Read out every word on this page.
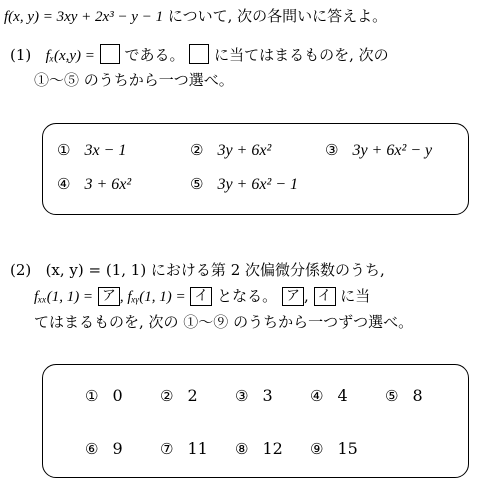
f(x, y) = 3xy + 2x³ − y − 1 について, 次の各問いに答えよ。
(1) fₓ(x,y) = である。 に当てはまるものを, 次の
①〜⑤ のうちから一つ選べ。
① 3x − 1	② 3y + 6x²	③ 3y + 6x² − y
④ 3 + 6x²	⑤ 3y + 6x² − 1
(2) (x, y) = (1, 1) における第 2 次偏微分係数のうち,
fₓₓ(1, 1) = ア , fₓᵧ(1, 1) = イ となる。 ア , イ に当
てはまるものを, 次の ①〜⑨ のうちから一つずつ選べ。
① 0 ② 2 ③ 3 ④ 4 ⑤ 8
⑥ 9 ⑦ 11 ⑧ 12 ⑨ 15
